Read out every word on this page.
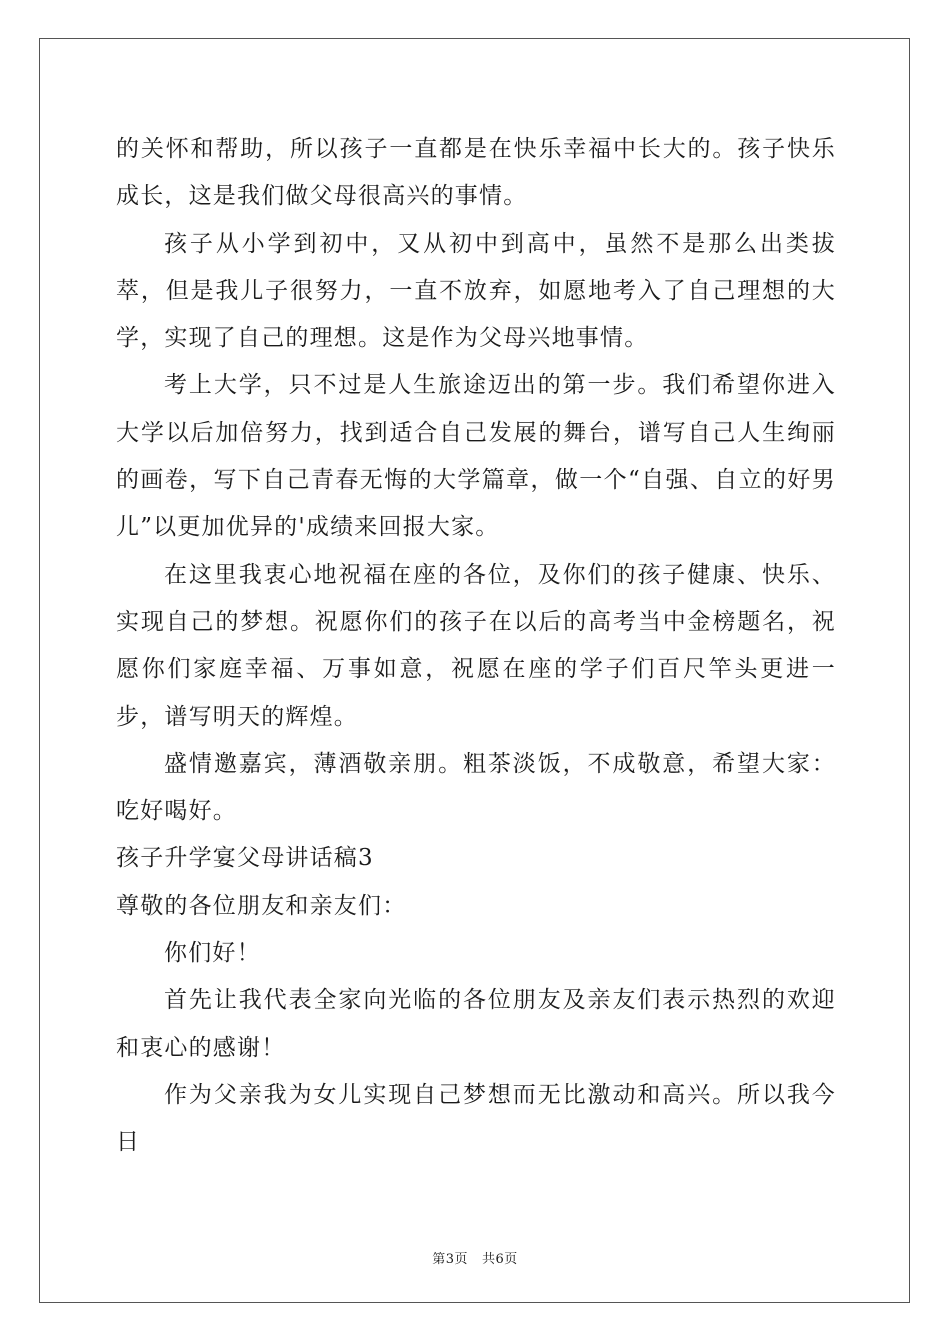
的关怀和帮助，所以孩子一直都是在快乐幸福中长大的。孩子快乐成长，这是我们做父母很高兴的事情。

孩子从小学到初中，又从初中到高中，虽然不是那么出类拔萃，但是我儿子很努力，一直不放弃，如愿地考入了自己理想的大学，实现了自己的理想。这是作为父母兴地事情。

考上大学，只不过是人生旅途迈出的第一步。我们希望你进入大学以后加倍努力，找到适合自己发展的舞台，谱写自己人生绚丽的画卷，写下自己青春无悔的大学篇章，做一个“自强、自立的好男儿”以更加优异的'成绩来回报大家。

在这里我衷心地祝福在座的各位，及你们的孩子健康、快乐、实现自己的梦想。祝愿你们的孩子在以后的高考当中金榜题名，祝愿你们家庭幸福、万事如意，祝愿在座的学子们百尺竿头更进一步，谱写明天的辉煌。

盛情邀嘉宾，薄酒敬亲朋。粗茶淡饭，不成敬意，希望大家：吃好喝好。

孩子升学宴父母讲话稿3

尊敬的各位朋友和亲友们：

你们好！

首先让我代表全家向光临的各位朋友及亲友们表示热烈的欢迎和衷心的感谢！

作为父亲我为女儿实现自己梦想而无比激动和高兴。所以我今日

第3页 共6页
